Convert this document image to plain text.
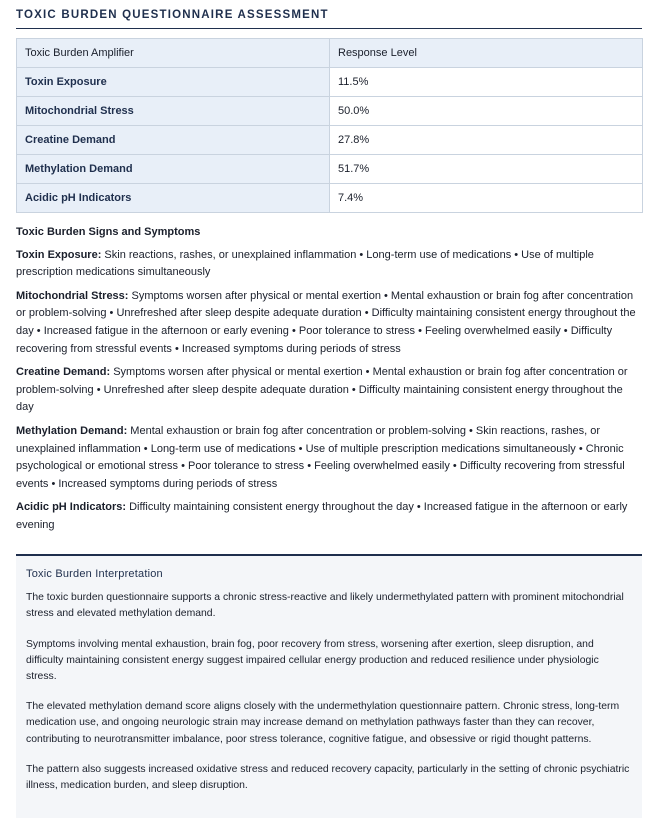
TOXIC BURDEN QUESTIONNAIRE ASSESSMENT
Toxic Burden Amplifier	Response Level
Toxin Exposure	11.5%
Mitochondrial Stress	50.0%
Creatine Demand	27.8%
Methylation Demand	51.7%
Acidic pH Indicators	7.4%
Toxic Burden Signs and Symptoms

Toxin Exposure: Skin reactions, rashes, or unexplained inflammation • Long-term use of medications • Use of multiple prescription medications simultaneously

Mitochondrial Stress: Symptoms worsen after physical or mental exertion • Mental exhaustion or brain fog after concentration or problem-solving • Unrefreshed after sleep despite adequate duration • Difficulty maintaining consistent energy throughout the day • Increased fatigue in the afternoon or early evening • Poor tolerance to stress • Feeling overwhelmed easily • Difficulty recovering from stressful events • Increased symptoms during periods of stress

Creatine Demand: Symptoms worsen after physical or mental exertion • Mental exhaustion or brain fog after concentration or problem-solving • Unrefreshed after sleep despite adequate duration • Difficulty maintaining consistent energy throughout the day

Methylation Demand: Mental exhaustion or brain fog after concentration or problem-solving • Skin reactions, rashes, or unexplained inflammation • Long-term use of medications • Use of multiple prescription medications simultaneously • Chronic psychological or emotional stress • Poor tolerance to stress • Feeling overwhelmed easily • Difficulty recovering from stressful events • Increased symptoms during periods of stress

Acidic pH Indicators: Difficulty maintaining consistent energy throughout the day • Increased fatigue in the afternoon or early evening

Toxic Burden Interpretation

The toxic burden questionnaire supports a chronic stress-reactive and likely undermethylated pattern with prominent mitochondrial stress and elevated methylation demand.

Symptoms involving mental exhaustion, brain fog, poor recovery from stress, worsening after exertion, sleep disruption, and difficulty maintaining consistent energy suggest impaired cellular energy production and reduced resilience under physiologic stress.

The elevated methylation demand score aligns closely with the undermethylation questionnaire pattern. Chronic stress, long-term medication use, and ongoing neurologic strain may increase demand on methylation pathways faster than they can recover, contributing to neurotransmitter imbalance, poor stress tolerance, cognitive fatigue, and obsessive or rigid thought patterns.

The pattern also suggests increased oxidative stress and reduced recovery capacity, particularly in the setting of chronic psychiatric illness, medication burden, and sleep disruption.
